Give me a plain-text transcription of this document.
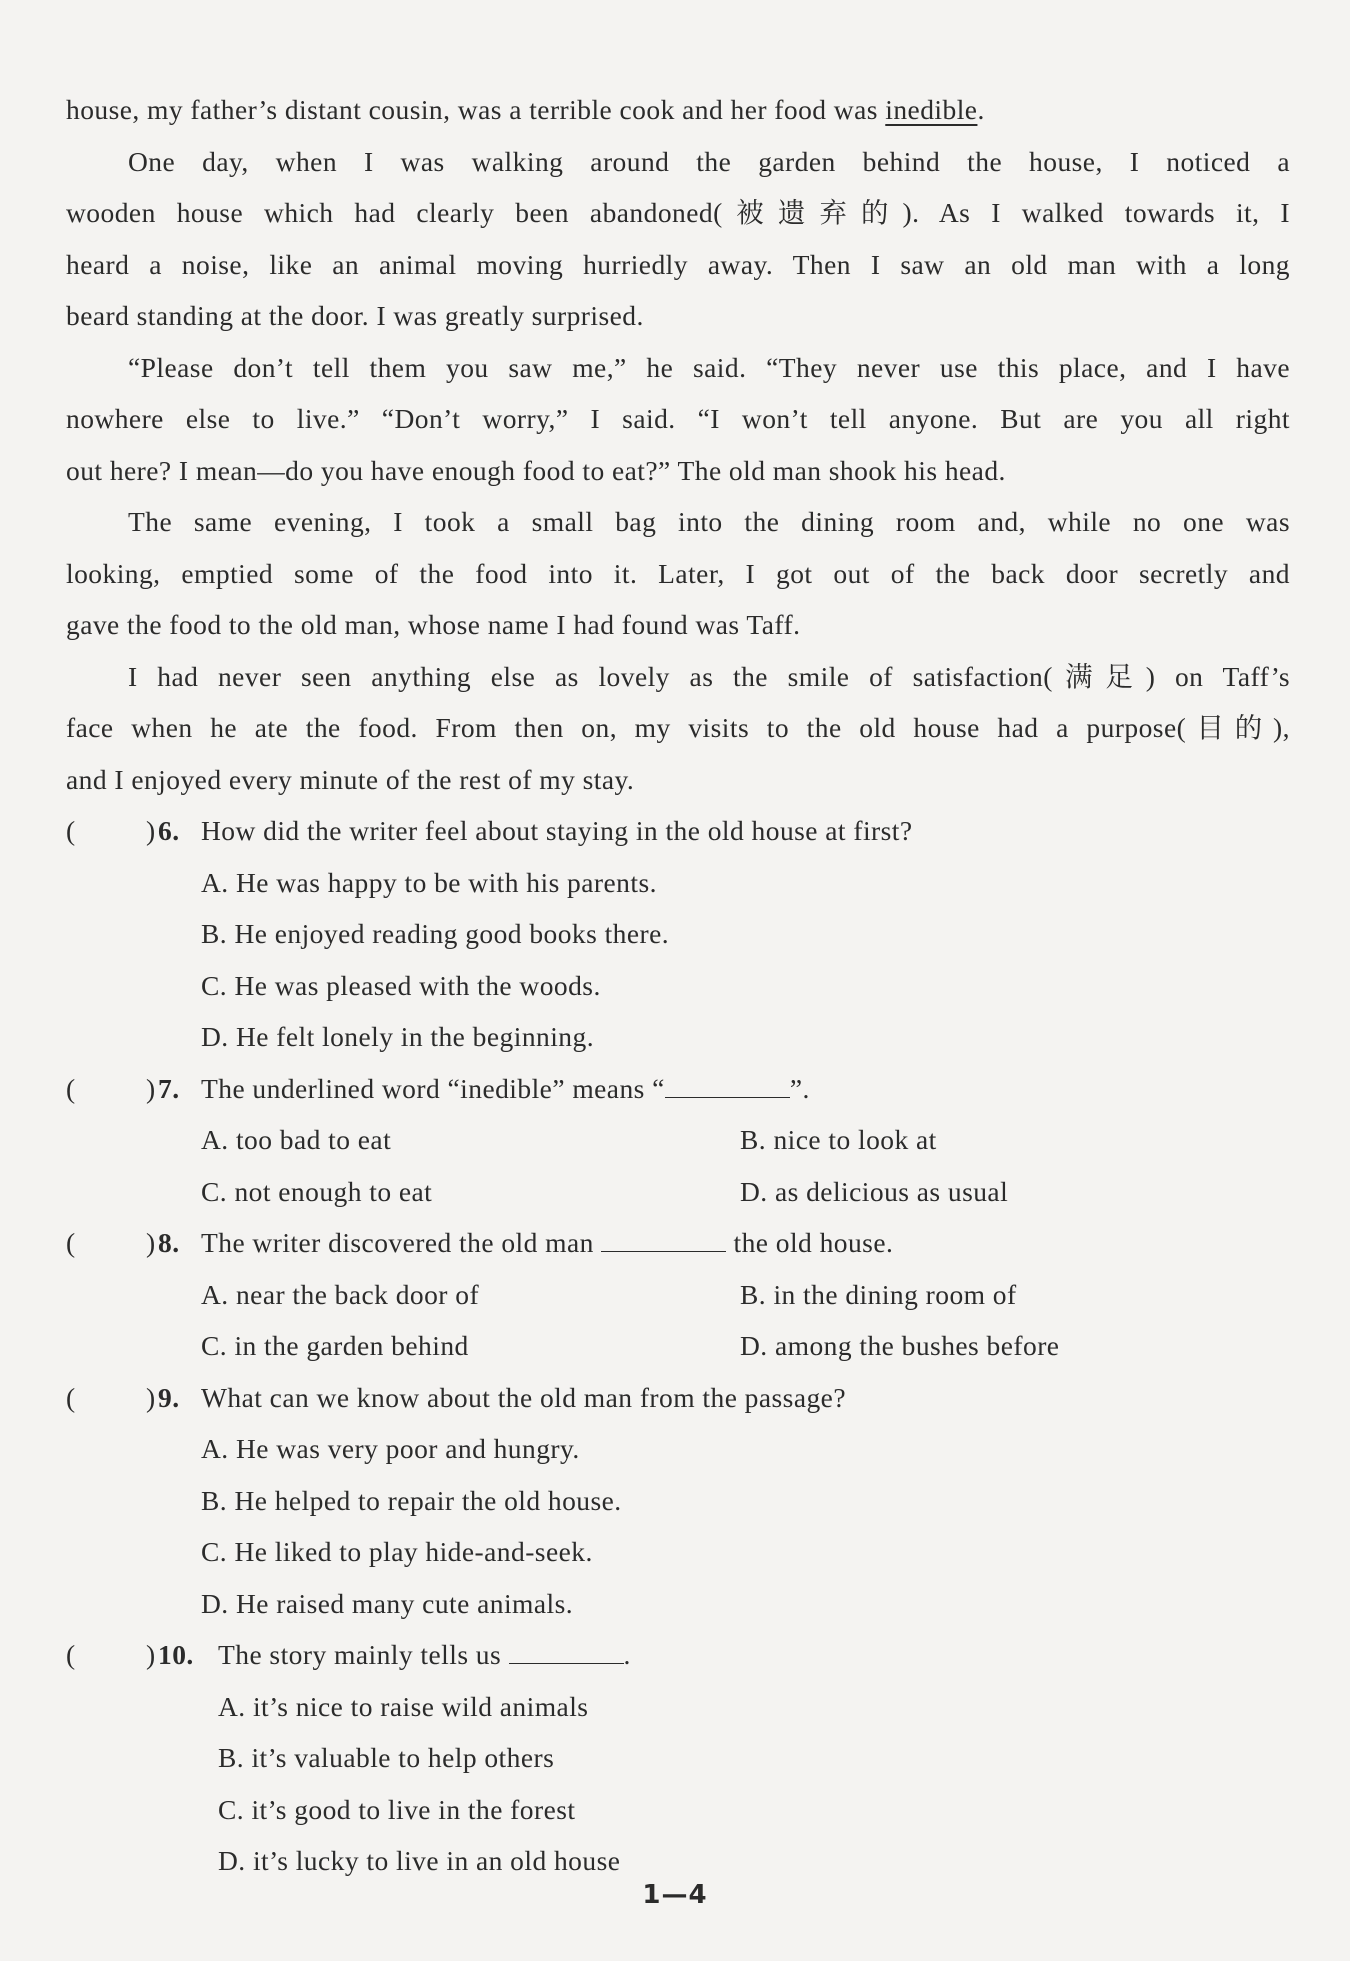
house, my father’s distant cousin, was a terrible cook and her food was inedible.
One day, when I was walking around the garden behind the house, I noticed a
wooden house which had clearly been abandoned(被遗弃的). As I walked towards it, I
heard a noise, like an animal moving hurriedly away. Then I saw an old man with a long
beard standing at the door. I was greatly surprised.
“Please don’t tell them you saw me,” he said. “They never use this place, and I have
nowhere else to live.” “Don’t worry,” I said. “I won’t tell anyone. But are you all right
out here? I mean—do you have enough food to eat?” The old man shook his head.
The same evening, I took a small bag into the dining room and, while no one was
looking, emptied some of the food into it. Later, I got out of the back door secretly and
gave the food to the old man, whose name I had found was Taff.
I had never seen anything else as lovely as the smile of satisfaction(满足) on Taff’s
face when he ate the food. From then on, my visits to the old house had a purpose(目的),
and I enjoyed every minute of the rest of my stay.
(	) 6. How did the writer feel about staying in the old house at first?
A. He was happy to be with his parents.
B. He enjoyed reading good books there.
C. He was pleased with the woods.
D. He felt lonely in the beginning.
(	) 7. The underlined word “inedible” means “	”.
A. too bad to eat	B. nice to look at
C. not enough to eat	D. as delicious as usual
(	) 8. The writer discovered the old man	the old house.
A. near the back door of	B. in the dining room of
C. in the garden behind	D. among the bushes before
(	) 9. What can we know about the old man from the passage?
A. He was very poor and hungry.
B. He helped to repair the old house.
C. He liked to play hide-and-seek.
D. He raised many cute animals.
(	) 10. The story mainly tells us	.
A. it’s nice to raise wild animals
B. it’s valuable to help others
C. it’s good to live in the forest
D. it’s lucky to live in an old house
1—4
